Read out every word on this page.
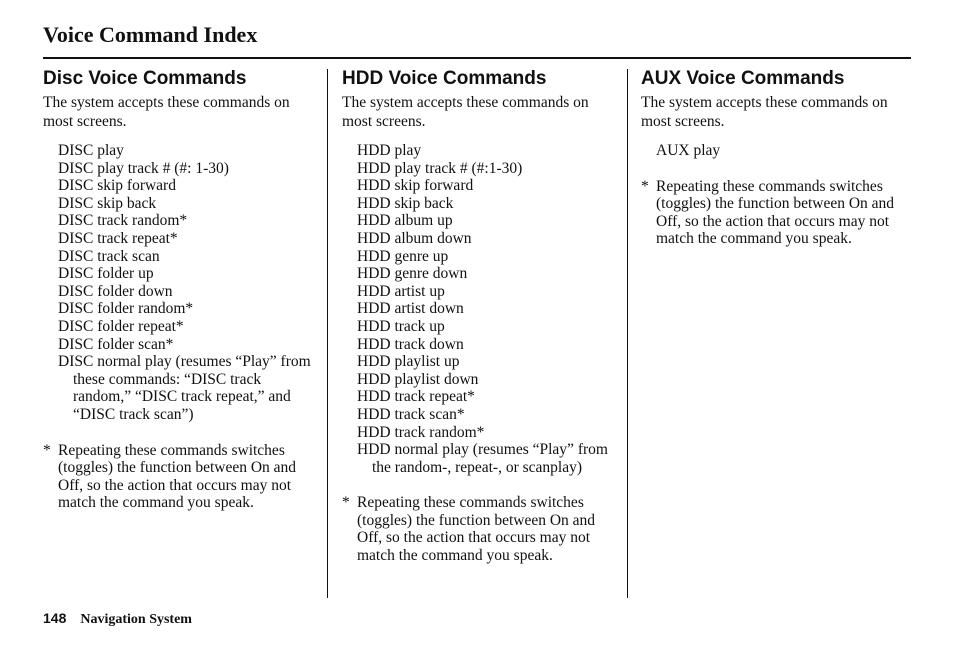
Voice Command Index
Disc Voice Commands

The system accepts these commands on most screens.

DISC play
DISC play track # (#: 1-30)
DISC skip forward
DISC skip back
DISC track random*
DISC track repeat*
DISC track scan
DISC folder up
DISC folder down
DISC folder random*
DISC folder repeat*
DISC folder scan*
DISC normal play (resumes “Play” from these commands: “DISC track random,” “DISC track repeat,” and “DISC track scan”)
* Repeating these commands switches (toggles) the function between On and Off, so the action that occurs may not match the command you speak.
HDD Voice Commands

The system accepts these commands on most screens.

HDD play
HDD play track # (#:1-30)
HDD skip forward
HDD skip back
HDD album up
HDD album down
HDD genre up
HDD genre down
HDD artist up
HDD artist down
HDD track up
HDD track down
HDD playlist up
HDD playlist down
HDD track repeat*
HDD track scan*
HDD track random*
HDD normal play (resumes “Play” from the random-, repeat-, or scanplay)
* Repeating these commands switches (toggles) the function between On and Off, so the action that occurs may not match the command you speak.
AUX Voice Commands

The system accepts these commands on most screens.

AUX play
* Repeating these commands switches (toggles) the function between On and Off, so the action that occurs may not match the command you speak.
148 Navigation System
